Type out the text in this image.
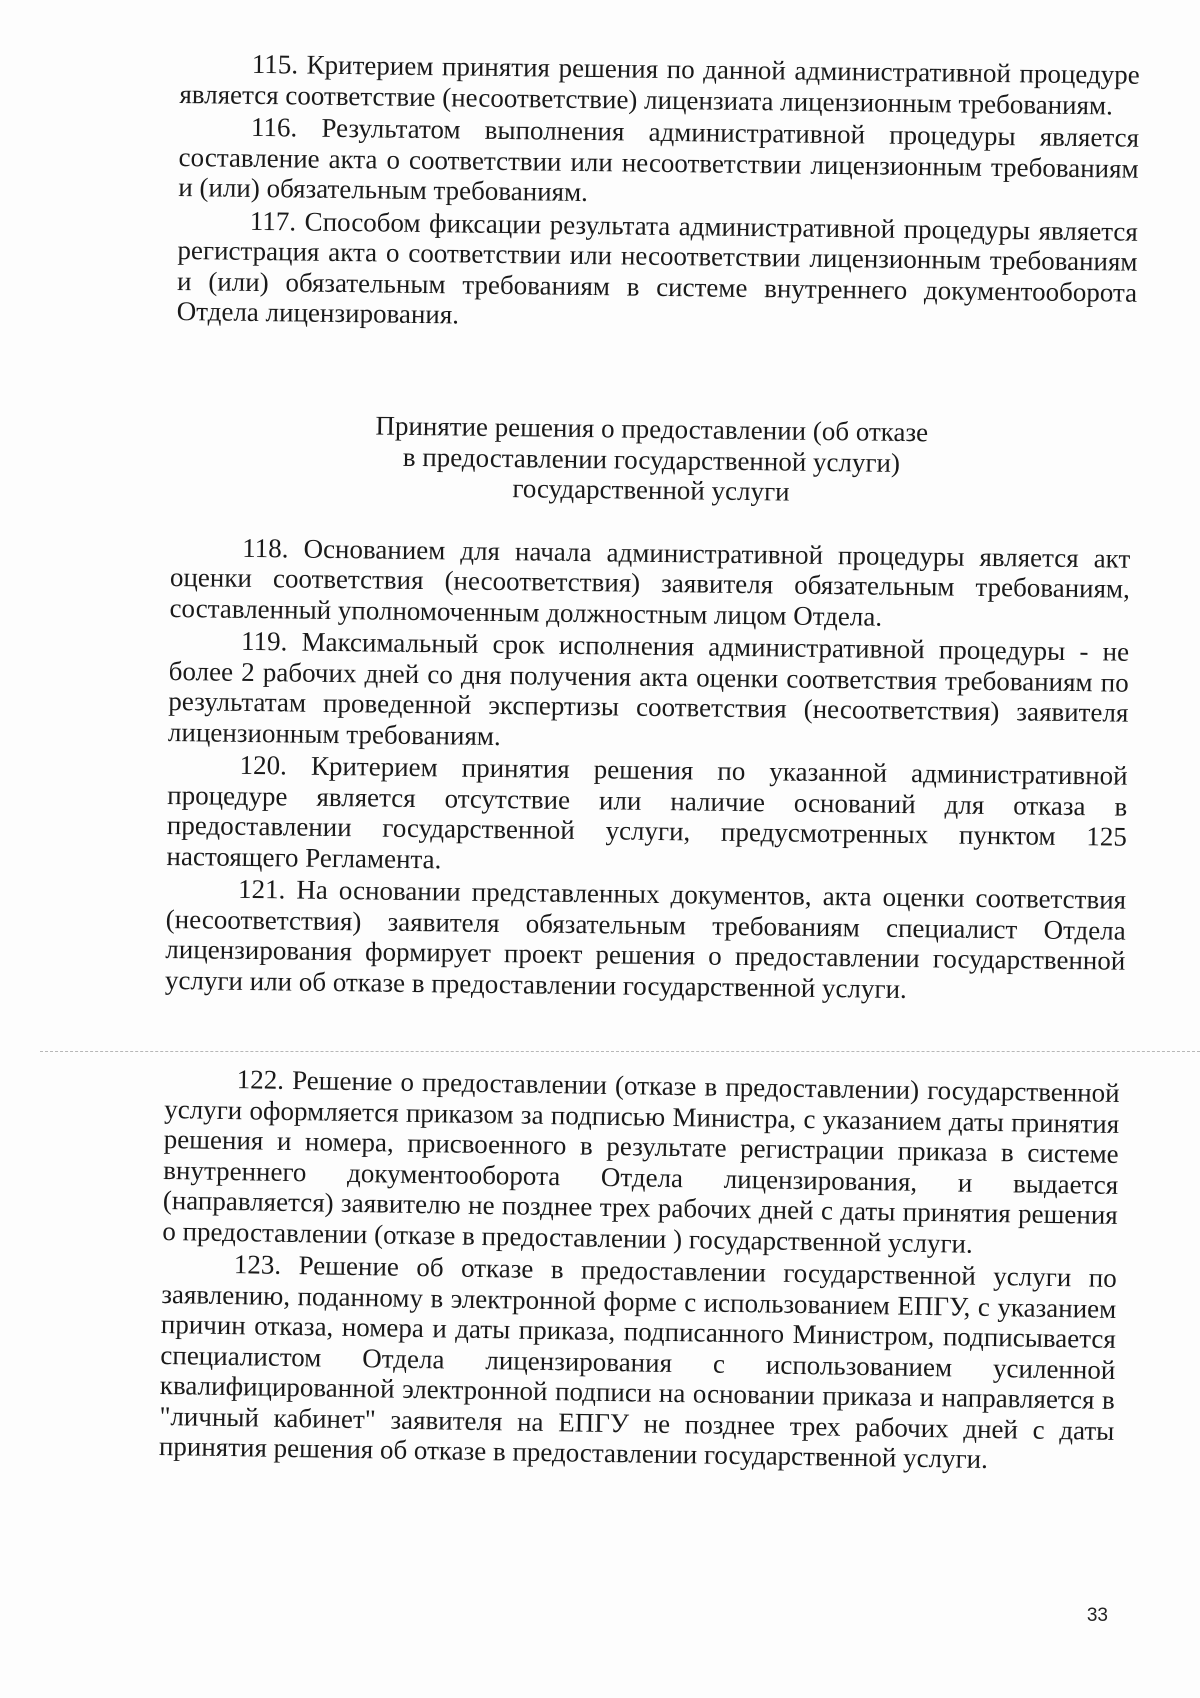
115. Критерием принятия решения по данной административной процедуре является соответствие (несоответствие) лицензиата лицензионным требованиям.

116. Результатом выполнения административной процедуры является составление акта о соответствии или несоответствии лицензионным требованиям и (или) обязательным требованиям.

117. Способом фиксации результата административной процедуры является регистрация акта о соответствии или несоответствии лицензионным требованиям и (или) обязательным требованиям в системе внутреннего документооборота Отдела лицензирования.

Принятие решения о предоставлении (об отказе

в предоставлении государственной услуги)

государственной услуги

118. Основанием для начала административной процедуры является акт оценки соответствия (несоответствия) заявителя обязательным требованиям, составленный уполномоченным должностным лицом Отдела.

119. Максимальный срок исполнения административной процедуры - не более 2 рабочих дней со дня получения акта оценки соответствия требованиям по результатам проведенной экспертизы соответствия (несоответствия) заявителя лицензионным требованиям.

120. Критерием принятия решения по указанной административной процедуре является отсутствие или наличие оснований для отказа в предоставлении государственной услуги, предусмотренных пунктом 125 настоящего Регламента.

121. На основании представленных документов, акта оценки соответствия (несоответствия) заявителя обязательным требованиям специалист Отдела лицензирования формирует проект решения о предоставлении государственной услуги или об отказе в предоставлении государственной услуги.

122. Решение о предоставлении (отказе в предоставлении) государственной услуги оформляется приказом за подписью Министра, с указанием даты принятия решения и номера, присвоенного в результате регистрации приказа в системе внутреннего документооборота Отдела лицензирования, и выдается (направляется) заявителю не позднее трех рабочих дней с даты принятия решения о предоставлении (отказе в предоставлении ) государственной услуги.

123. Решение об отказе в предоставлении государственной услуги по заявлению, поданному в электронной форме с использованием ЕПГУ, с указанием причин отказа, номера и даты приказа, подписанного Министром, подписывается специалистом Отдела лицензирования с использованием усиленной квалифицированной электронной подписи на основании приказа и направляется в "личный кабинет" заявителя на ЕПГУ не позднее трех рабочих дней с даты принятия решения об отказе в предоставлении государственной услуги.

33
